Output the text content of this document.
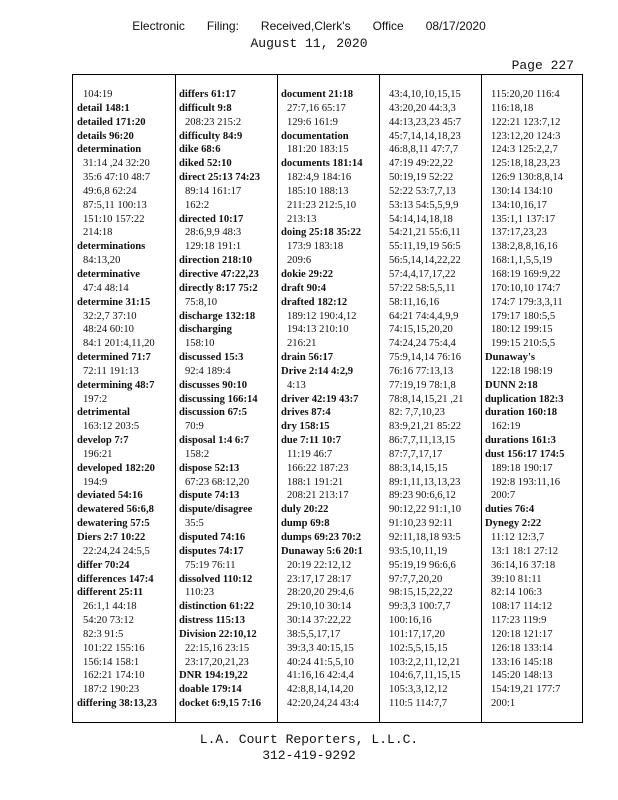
Electronic Filing: Received,Clerk's Office 08/17/2020
August 11, 2020
Page 227
104:19
detail 148:1
detailed 171:20
details 96:20
determination
31:14 ,24 32:20
35:6 47:10 48:7
49:6,8 62:24
87:5,11 100:13
151:10 157:22
214:18
determinations
84:13,20
determinative
47:4 48:14
determine 31:15
32:2,7 37:10
48:24 60:10
84:1 201:4,11,20
determined 71:7
72:11 191:13
determining 48:7
197:2
detrimental
163:12 203:5
develop 7:7
196:21
developed 182:20
194:9
deviated 54:16
dewatered 56:6,8
dewatering 57:5
Diers 2:7 10:22
22:24,24 24:5,5
differ 70:24
differences 147:4
different 25:11
26:1,1 44:18
54:20 73:12
82:3 91:5
101:22 155:16
156:14 158:1
162:21 174:10
187:2 190:23
differing 38:13,23
differs 61:17
difficult 9:8
208:23 215:2
difficulty 84:9
dike 68:6
diked 52:10
direct 25:13 74:23
89:14 161:17
162:2
directed 10:17
28:6,9,9 48:3
129:18 191:1
direction 218:10
directive 47:22,23
directly 8:17 75:2
75:8,10
discharge 132:18
discharging
158:10
discussed 15:3
92:4 189:4
discusses 90:10
discussing 166:14
discussion 67:5
70:9
disposal 1:4 6:7
158:2
dispose 52:13
67:23 68:12,20
dispute 74:13
dispute/disagree
35:5
disputed 74:16
disputes 74:17
75:19 76:11
dissolved 110:12
110:23
distinction 61:22
distress 115:13
Division 22:10,12
22:15,16 23:15
23:17,20,21,23
DNR 194:19,22
doable 179:14
docket 6:9,15 7:16
document 21:18
27:7,16 65:17
129:6 161:9
documentation
181:20 183:15
documents 181:14
182:4,9 184:16
185:10 188:13
211:23 212:5,10
213:13
doing 25:18 35:22
173:9 183:18
209:6
dokie 29:22
draft 90:4
drafted 182:12
189:12 190:4,12
194:13 210:10
216:21
drain 56:17
Drive 2:14 4:2,9
4:13
driver 42:19 43:7
drives 87:4
dry 158:15
due 7:11 10:7
11:19 46:7
166:22 187:23
188:1 191:21
208:21 213:17
duly 20:22
dump 69:8
dumps 69:23 70:2
Dunaway 5:6 20:1
20:19 22:12,12
23:17,17 28:17
28:20,20 29:4,6
29:10,10 30:14
30:14 37:22,22
38:5,5,17,17
39:3,3 40:15,15
40:24 41:5,5,10
41:16,16 42:4,4
42:8,8,14,14,20
42:20,24,24 43:4
43:4,10,10,15,15
43:20,20 44:3,3
44:13,23,23 45:7
45:7,14,14,18,23
46:8,8,11 47:7,7
47:19 49:22,22
50:19,19 52:22
52:22 53:7,7,13
53:13 54:5,5,9,9
54:14,14,18,18
54:21,21 55:6,11
55:11,19,19 56:5
56:5,14,14,22,22
57:4,4,17,17,22
57:22 58:5,5,11
58:11,16,16
64:21 74:4,4,9,9
74:15,15,20,20
74:24,24 75:4,4
75:9,14,14 76:16
76:16 77:13,13
77:19,19 78:1,8
78:8,14,15,21 ,21
82: 7,7,10,23
83:9,21,21 85:22
86:7,7,11,13,15
87:7,7,17,17
88:3,14,15,15
89:1,11,13,13,23
89:23 90:6,6,12
90:12,22 91:1,10
91:10,23 92:11
92:11,18,18 93:5
93:5,10,11,19
95:19,19 96:6,6
97:7,7,20,20
98:15,15,22,22
99:3,3 100:7,7
100:16,16
101:17,17,20
102:5,5,15,15
103:2,2,11,12,21
104:6,7,11,15,15
105:3,3,12,12
110:5 114:7,7
115:20,20 116:4
116:18,18
122:21 123:7,12
123:12,20 124:3
124:3 125:2,2,7
125:18,18,23,23
126:9 130:8,8,14
130:14 134:10
134:10,16,17
135:1,1 137:17
137:17,23,23
138:2,8,8,16,16
168:1,1,5,5,19
168:19 169:9,22
170:10,10 174:7
174:7 179:3,3,11
179:17 180:5,5
180:12 199:15
199:15 210:5,5
Dunaway's
122:18 198:19
DUNN 2:18
duplication 182:3
duration 160:18
162:19
durations 161:3
dust 156:17 174:5
189:18 190:17
192:8 193:11,16
200:7
duties 76:4
Dynegy 2:22
11:12 12:3,7
13:1 18:1 27:12
36:14,16 37:18
39:10 81:11
82:14 106:3
108:17 114:12
117:23 119:9
120:18 121:17
126:18 133:14
133:16 145:18
145:20 148:13
154:19,21 177:7
200:1
L.A. Court Reporters, L.L.C.
312-419-9292
